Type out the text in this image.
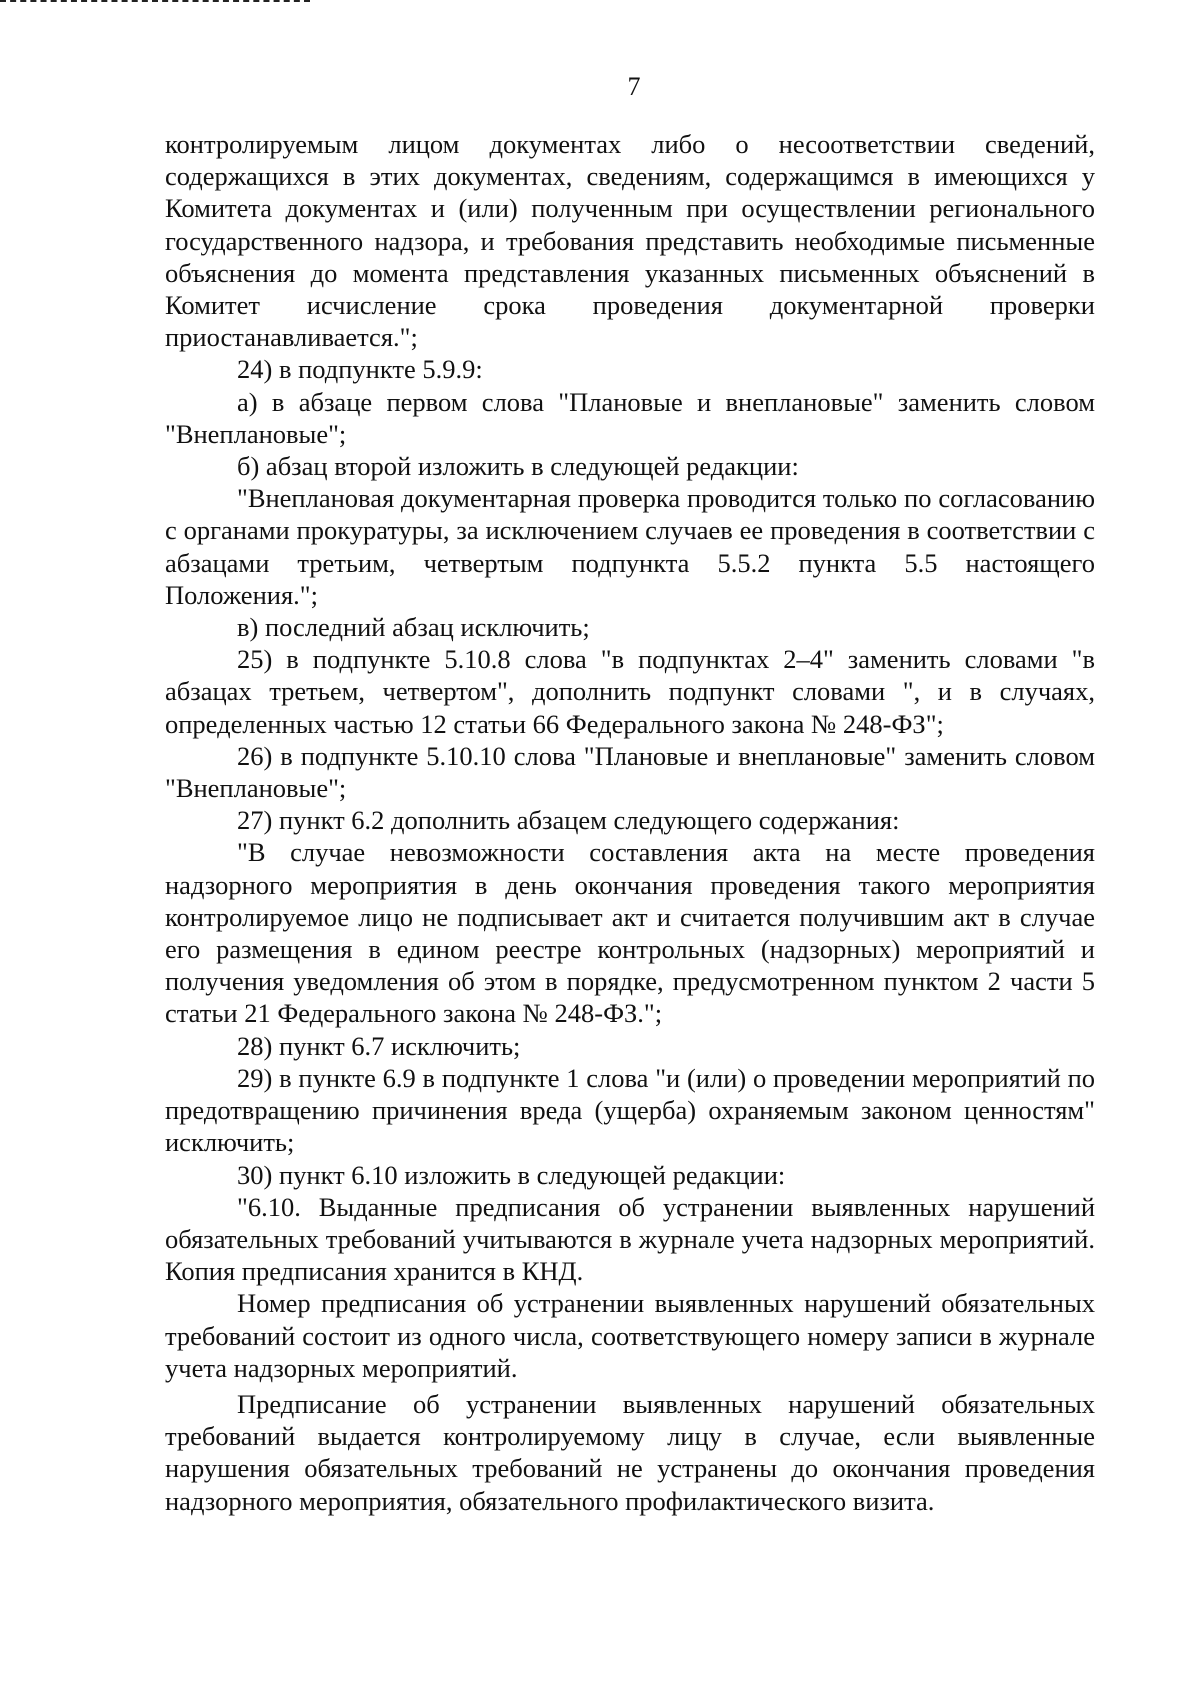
7

контролируемым лицом документах либо о несоответствии сведений, содержащихся в этих документах, сведениям, содержащимся в имеющихся у Комитета документах и (или) полученным при осуществлении регионального государственного надзора, и требования представить необходимые письменные объяснения до момента представления указанных письменных объяснений в Комитет исчисление срока проведения документарной проверки приостанавливается.";

24) в подпункте 5.9.9:

а) в абзаце первом слова "Плановые и внеплановые" заменить словом "Внеплановые";

б) абзац второй изложить в следующей редакции:

"Внеплановая документарная проверка проводится только по согласованию с органами прокуратуры, за исключением случаев ее проведения в соответствии с абзацами третьим, четвертым подпункта 5.5.2 пункта 5.5 настоящего Положения.";

в) последний абзац исключить;

25) в подпункте 5.10.8 слова "в подпунктах 2–4" заменить словами "в абзацах третьем, четвертом", дополнить подпункт словами ", и в случаях, определенных частью 12 статьи 66 Федерального закона № 248-ФЗ";

26) в подпункте 5.10.10 слова "Плановые и внеплановые" заменить словом "Внеплановые";

27) пункт 6.2 дополнить абзацем следующего содержания:

"В случае невозможности составления акта на месте проведения надзорного мероприятия в день окончания проведения такого мероприятия контролируемое лицо не подписывает акт и считается получившим акт в случае его размещения в едином реестре контрольных (надзорных) мероприятий и получения уведомления об этом в порядке, предусмотренном пунктом 2 части 5 статьи 21 Федерального закона № 248-ФЗ.";

28) пункт 6.7 исключить;

29) в пункте 6.9 в подпункте 1 слова "и (или) о проведении мероприятий по предотвращению причинения вреда (ущерба) охраняемым законом ценностям" исключить;

30) пункт 6.10 изложить в следующей редакции:

"6.10. Выданные предписания об устранении выявленных нарушений обязательных требований учитываются в журнале учета надзорных мероприятий. Копия предписания хранится в КНД.

Номер предписания об устранении выявленных нарушений обязательных требований состоит из одного числа, соответствующего номеру записи в журнале учета надзорных мероприятий.

Предписание об устранении выявленных нарушений обязательных требований выдается контролируемому лицу в случае, если выявленные нарушения обязательных требований не устранены до окончания проведения надзорного мероприятия, обязательного профилактического визита.
